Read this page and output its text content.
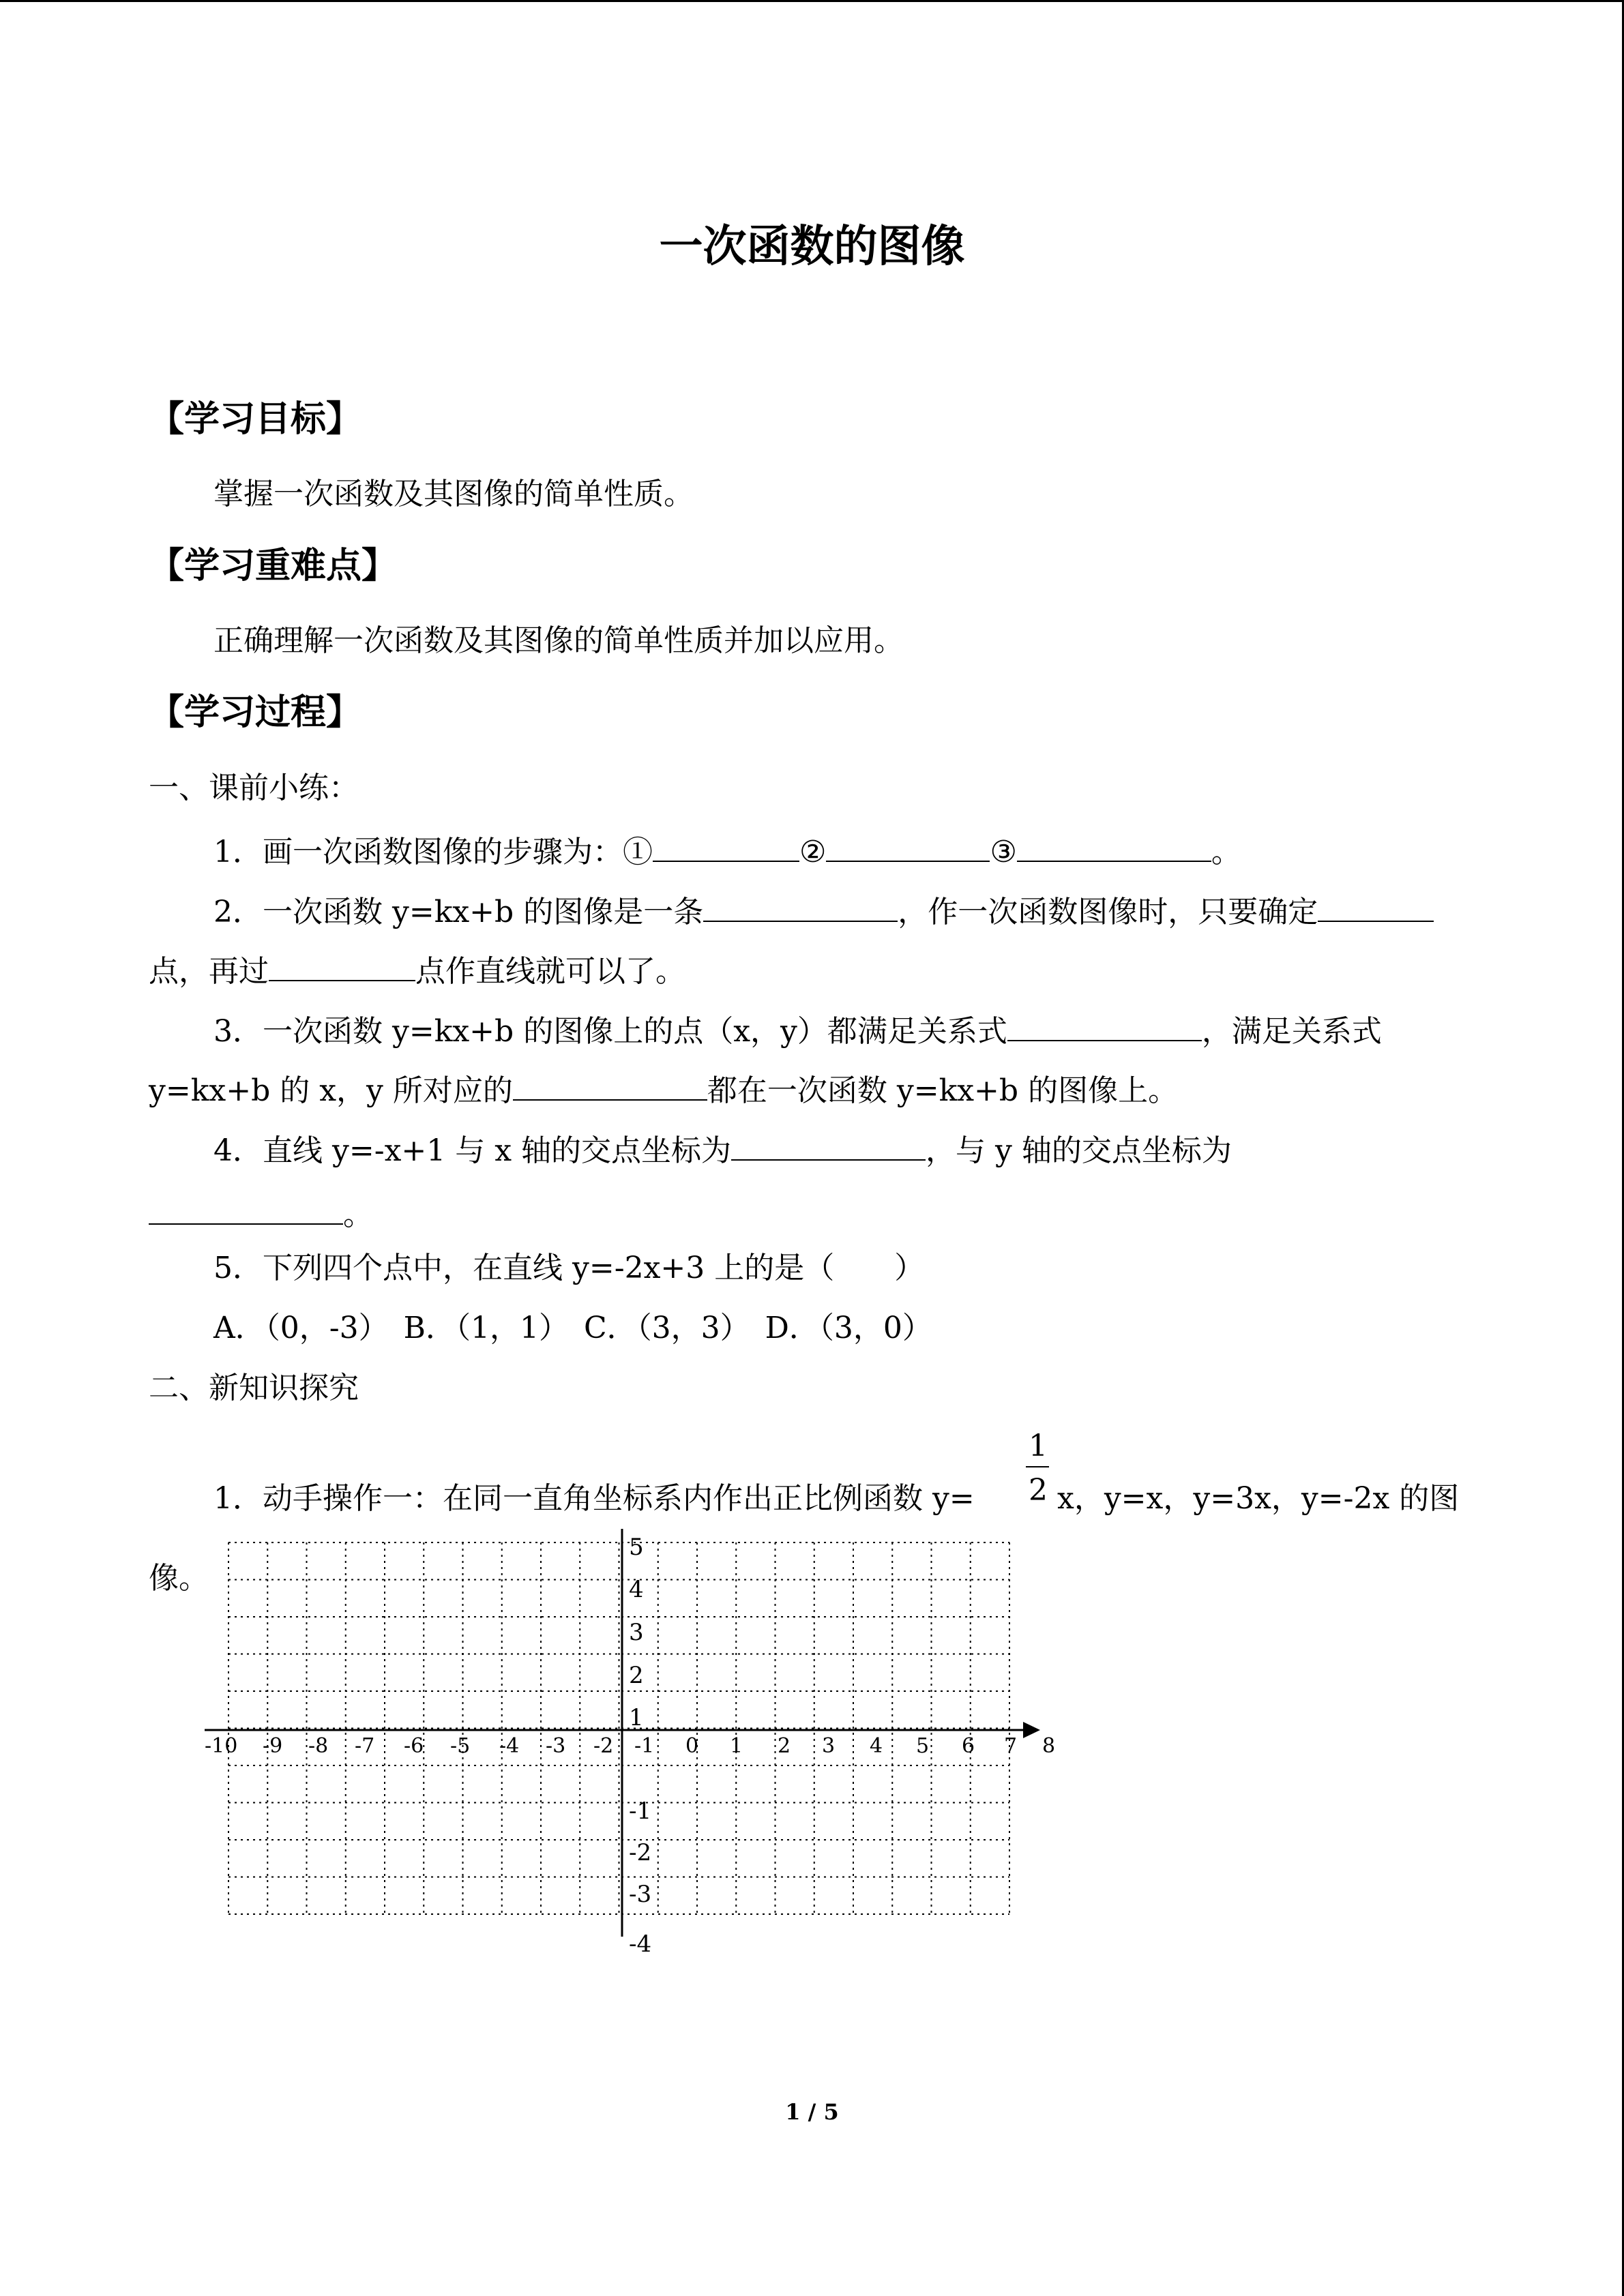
一次函数的图像
【学习目标】
掌握一次函数及其图像的简单性质。
【学习重难点】
正确理解一次函数及其图像的简单性质并加以应用。
【学习过程】
一、课前小练：
1．画一次函数图像的步骤为：①	②	③	。
2．一次函数 y=kx+b 的图像是一条	，作一次函数图像时，只要确定
点，再过	点作直线就可以了。
3．一次函数 y=kx+b 的图像上的点（x，y）都满足关系式	，满足关系式
y=kx+b 的 x，y 所对应的	都在一次函数 y=kx+b 的图像上。
4．直线 y=-x+1 与 x 轴的交点坐标为	，与 y 轴的交点坐标为
。
5．下列四个点中，在直线 y=-2x+3 上的是（　　）
A．（0，-3）　B．（1，1）　C．（3，3）　D．（3，0）
二、新知识探究
1
2
1．动手操作一：在同一直角坐标系内作出正比例函数 y=	x，y=x，y=3x，y=-2x 的图
像。
-10 -9 -8 -7 -6 -5 -4 -3 -2 -1 0 1 2 3 4 5 6 7 8
5
4
3
2
1
-1
-2
-3
-4
1 / 5
